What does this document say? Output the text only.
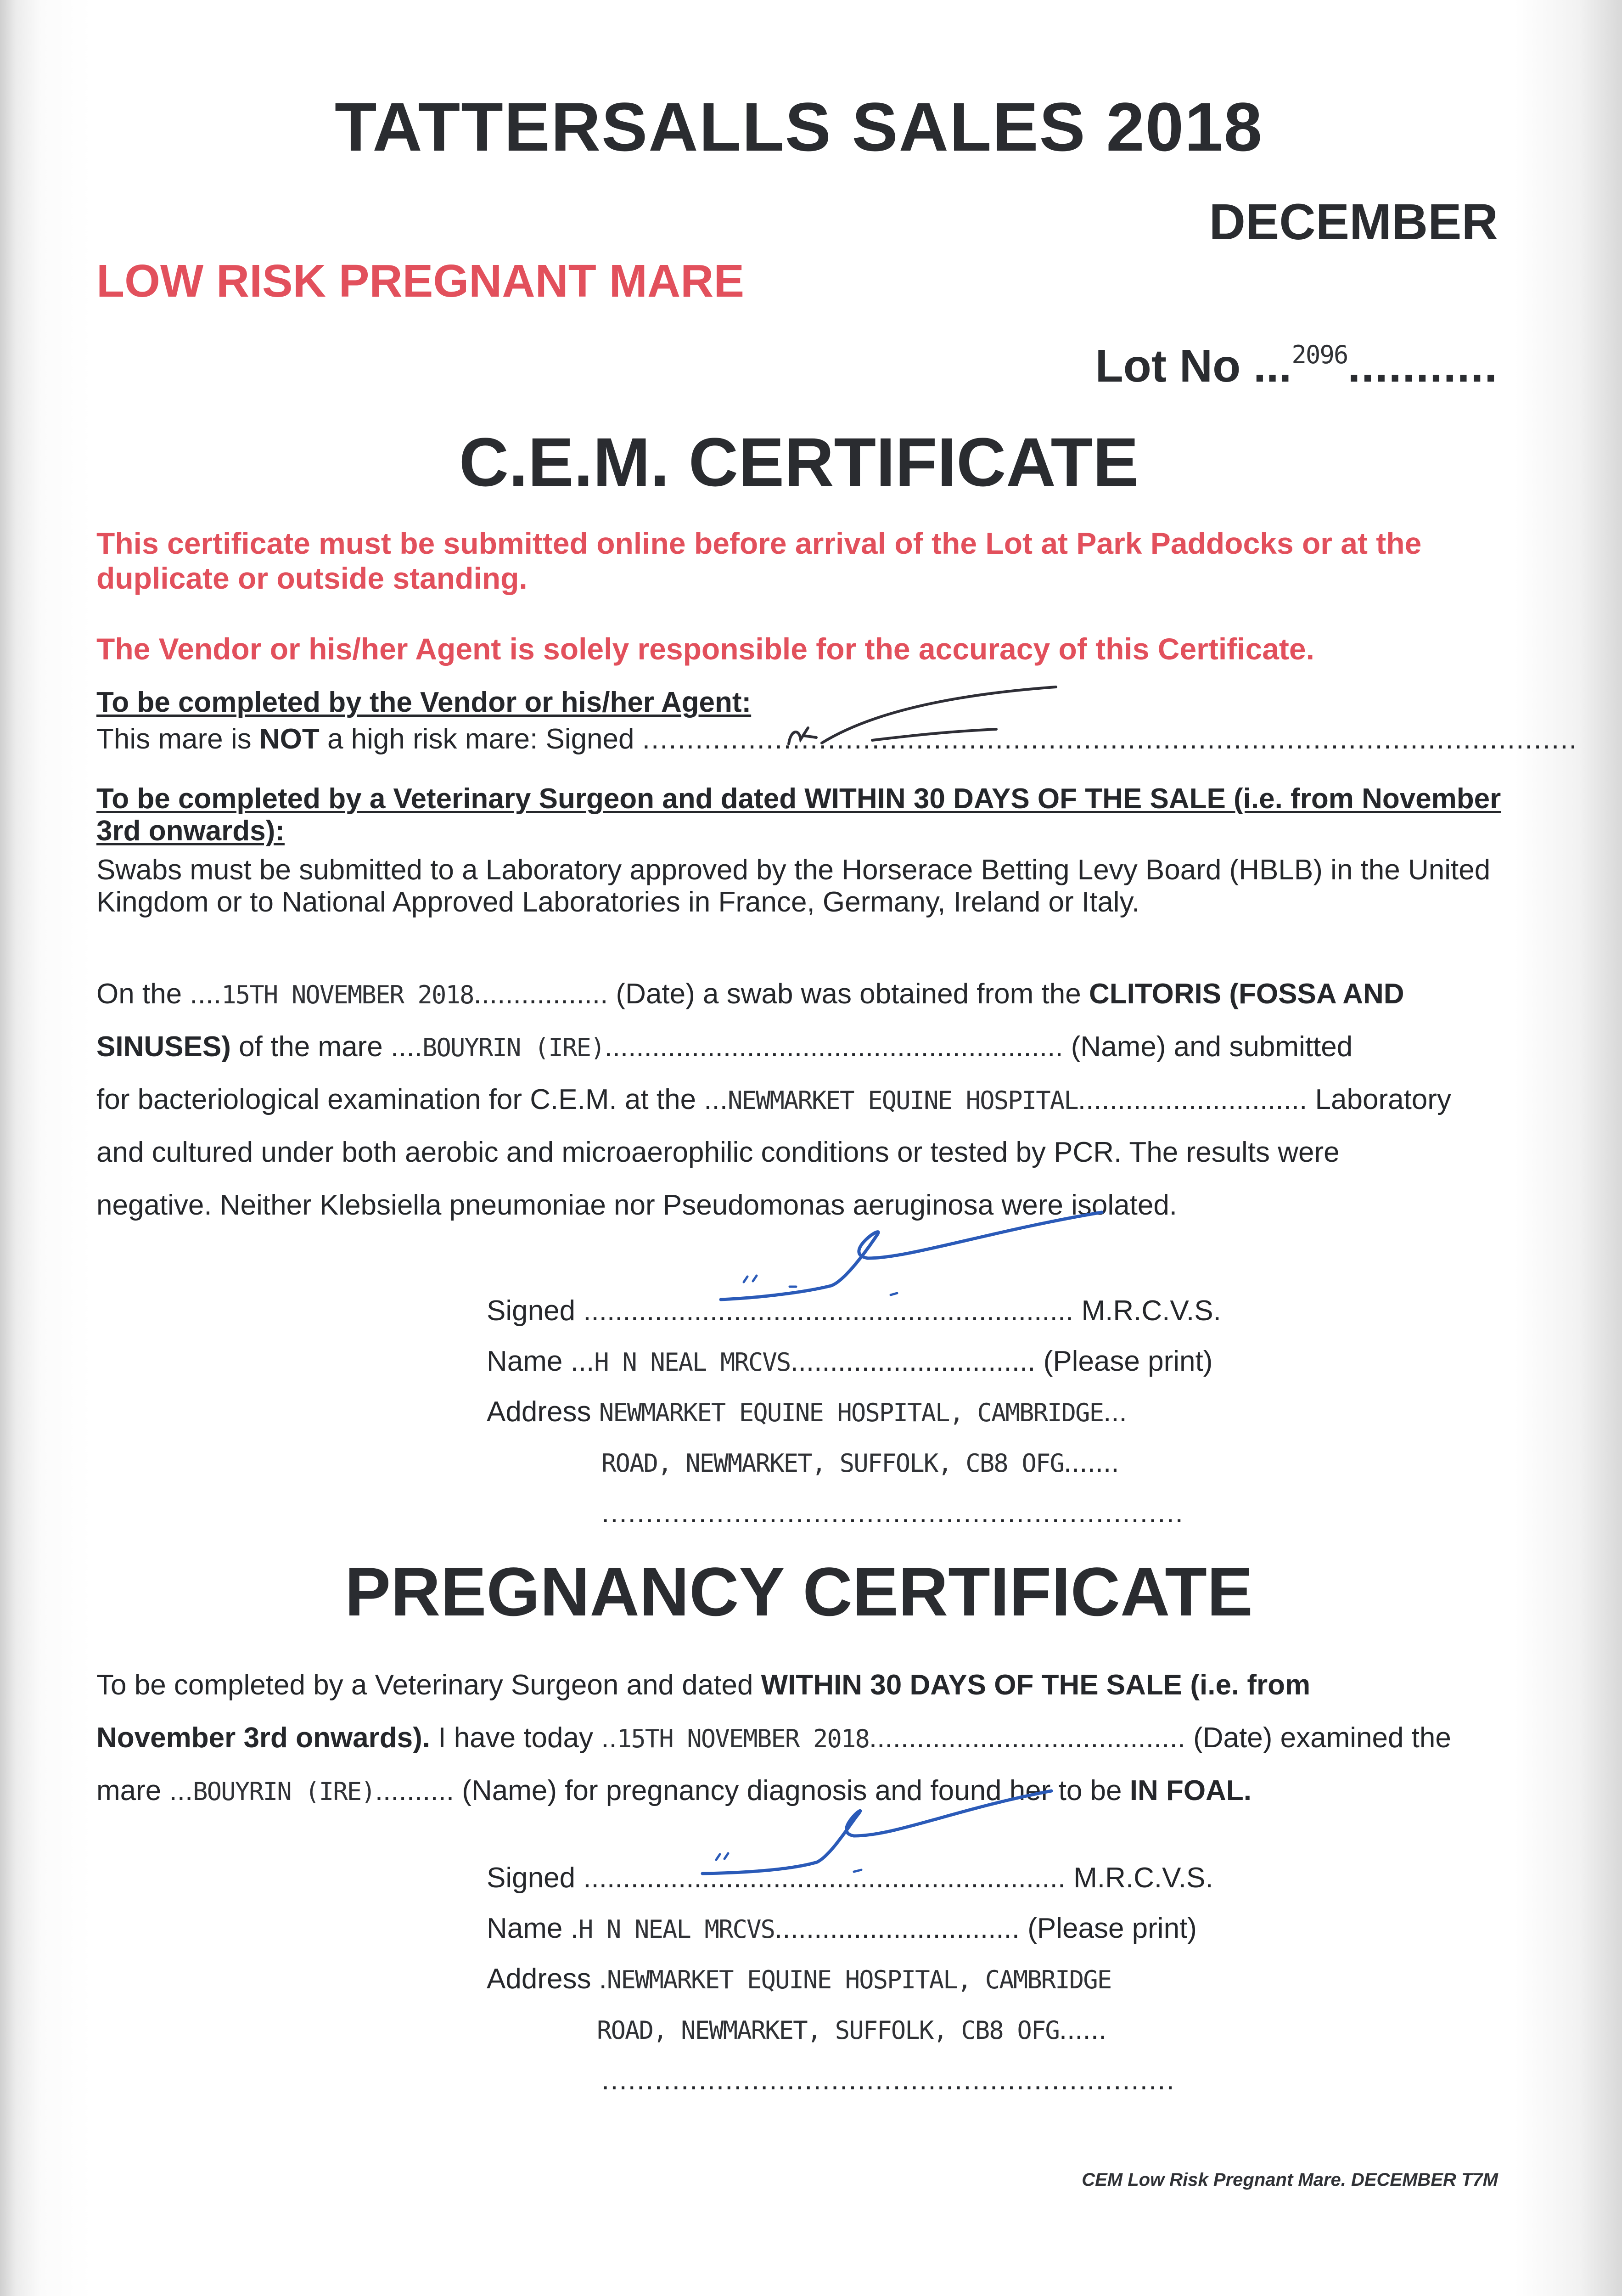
TATTERSALLS SALES 2018
DECEMBER
LOW RISK PREGNANT MARE
Lot No ...$^{2096}$...........
C.E.M. CERTIFICATE
This certificate must be submitted online before arrival of the Lot at Park Paddocks or at the duplicate or outside standing.
The Vendor or his/her Agent is solely responsible for the accuracy of this Certificate.
To be completed by the Vendor or his/her Agent:
This mare is NOT a high risk mare: Signed ..........................................................................................................
To be completed by a Veterinary Surgeon and dated WITHIN 30 DAYS OF THE SALE (i.e. from November 3rd onwards):
Swabs must be submitted to a Laboratory approved by the Horserace Betting Levy Board (HBLB) in the United Kingdom or to National Approved Laboratories in France, Germany, Ireland or Italy.
On the ....15TH NOVEMBER 2018................. (Date) a swab was obtained from the CLITORIS (FOSSA AND
SINUSES) of the mare ....BOUYRIN (IRE).......................................................... (Name) and submitted
for bacteriological examination for C.E.M. at the ...NEWMARKET EQUINE HOSPITAL............................. Laboratory
and cultured under both aerobic and microaerophilic conditions or tested by PCR. The results were
negative. Neither Klebsiella pneumoniae nor Pseudomonas aeruginosa were isolated.
Signed .............................................................. M.R.C.V.S.
Name ...H N NEAL MRCVS............................... (Please print)
Address NEWMARKET EQUINE HOSPITAL, CAMBRIDGE...
ROAD, NEWMARKET, SUFFOLK, CB8 OFG.......
..................................................................
PREGNANCY CERTIFICATE
To be completed by a Veterinary Surgeon and dated WITHIN 30 DAYS OF THE SALE (i.e. from
November 3rd onwards). I have today ..15TH NOVEMBER 2018........................................ (Date) examined the
mare ...BOUYRIN (IRE).......... (Name) for pregnancy diagnosis and found her to be IN FOAL.
Signed ............................................................. M.R.C.V.S.
Name .H N NEAL MRCVS............................... (Please print)
Address .NEWMARKET EQUINE HOSPITAL, CAMBRIDGE
ROAD, NEWMARKET, SUFFOLK, CB8 OFG......
.................................................................
CEM Low Risk Pregnant Mare. DECEMBER T7M
